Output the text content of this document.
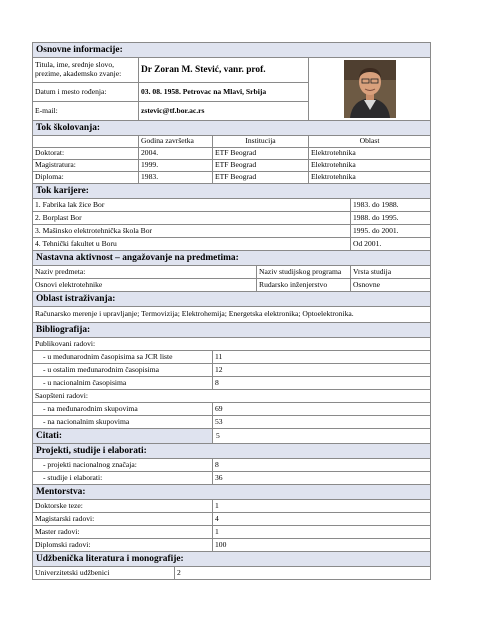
Osnovne informacije:						
Titula, ime, srednje slovo, prezime, akademsko zvanje:	Dr Zoran M. Stević, vanr. prof.	

Datum i mesto rođenja:	03. 08. 1958. Petrovac na Mlavi, Srbija					
E-mail:	zstevic@tf.bor.ac.rs					
Tok školovanja:						
	Godina završetka		Institucija		Oblast	
Doktorat:	2004.		ETF Beograd		Elektrotehnika	
Magistratura:	1999.		ETF Beograd		Elektrotehnika	
Diploma:	1983.		ETF Beograd		Elektrotehnika	
Tok karijere:						
1. Fabrika lak žice Bor						1983. do 1988.
2. Borplast Bor						1988. do 1995.
3. Mašinsko elektrotehnička škola Bor						1995. do 2001.
4. Tehnički fakultet u Boru						Od 2001.
Nastavna aktivnost – angažovanje na predmetima:						
Naziv predmeta:				Naziv studijskog programa		Vrsta studija
Osnovi elektrotehnike				Rudarsko inženjerstvo		Osnovne
Oblast istraživanja:						
Računarsko merenje i upravljanje; Termovizija; Elektrohemija; Energetska elektronika; Optoelektronika.						
Bibliografija:						
Publikovani radovi:						
- u međunarodnim časopisima sa JCR liste			11			
- u ostalim međunarodnim časopisima			12			
- u nacionalnim časopisima			8			
Saopšteni radovi:						
- na međunarodnim skupovima			69			
- na nacionalnim skupovima			53			
Citati:			5			
Projekti, studije i elaborati:						
- projekti nacionalnog značaja:			8			
- studije i elaborati:			36			
Mentorstva:						
Doktorske teze:			1			
Magistarski radovi:			4			
Master radovi:			1			
Diplomski radovi:			100			
Udžbenička literatura i monografije:						
Univerzitetski udžbenici		2				
